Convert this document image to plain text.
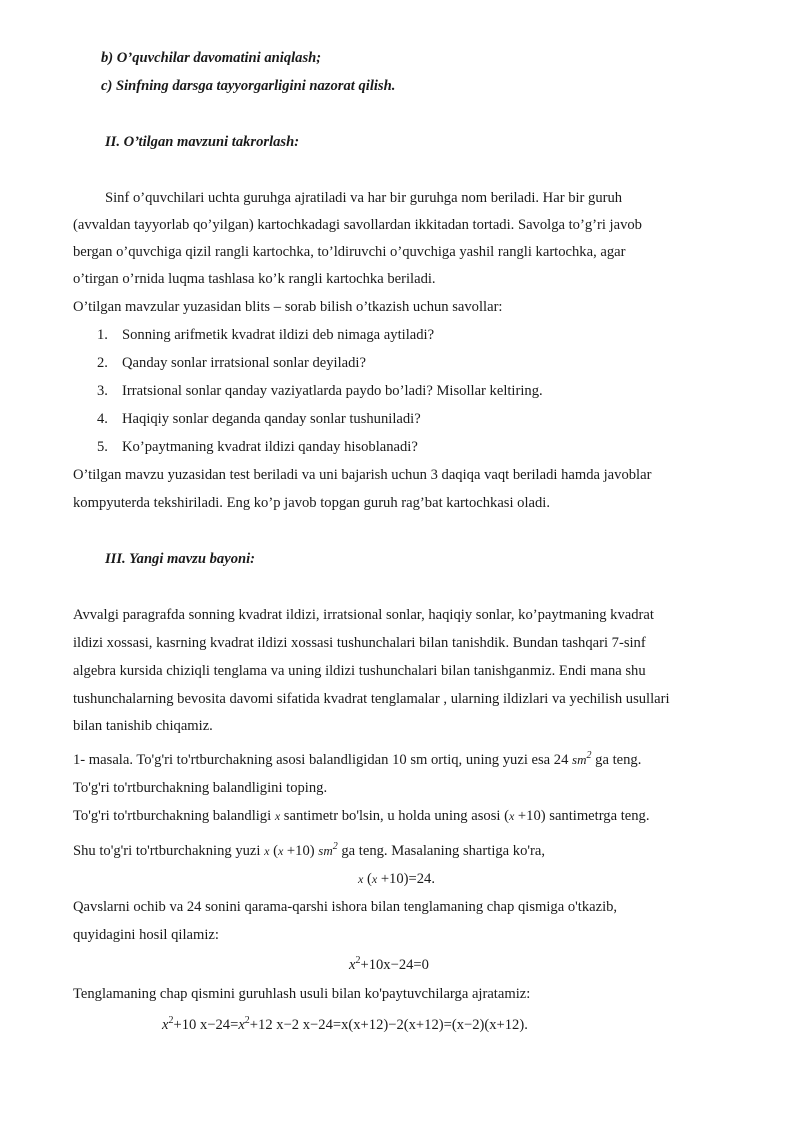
b) O’quvchilar davomatini aniqlash;
c) Sinfning darsga tayyorgarligini nazorat qilish.
II. O’tilgan mavzuni takrorlash:
Sinf o’quvchilari uchta guruhga ajratiladi va har bir guruhga nom beriladi. Har bir guruh
(avvaldan tayyorlab qo’yilgan) kartochkadagi savollardan ikkitadan tortadi. Savolga to’g’ri javob
bergan o’quvchiga qizil rangli kartochka, to’ldiruvchi o’quvchiga yashil rangli kartochka, agar
o’tirgan o’rnida luqma tashlasa ko’k rangli kartochka beriladi.
O’tilgan mavzular yuzasidan blits – sorab bilish o’tkazish uchun savollar:
1. Sonning arifmetik kvadrat ildizi deb nimaga aytiladi?
2. Qanday sonlar irratsional sonlar deyiladi?
3. Irratsional sonlar qanday vaziyatlarda paydo bo’ladi? Misollar keltiring.
4. Haqiqiy sonlar deganda qanday sonlar tushuniladi?
5. Ko’paytmaning kvadrat ildizi qanday hisoblanadi?
O’tilgan mavzu yuzasidan test beriladi va uni bajarish uchun 3 daqiqa vaqt beriladi hamda javoblar
kompyuterda tekshiriladi. Eng ko’p javob topgan guruh rag’bat kartochkasi oladi.
III. Yangi mavzu bayoni:
Avvalgi paragrafda sonning kvadrat ildizi, irratsional sonlar, haqiqiy sonlar, ko’paytmaning kvadrat
ildizi xossasi, kasrning kvadrat ildizi xossasi tushunchalari bilan tanishdik. Bundan tashqari 7-sinf
algebra kursida chiziqli tenglama va uning ildizi tushunchalari bilan tanishganmiz. Endi mana shu
tushunchalarning bevosita davomi sifatida kvadrat tenglamalar , ularning ildizlari va yechilish usullari
bilan tanishib chiqamiz.
1- masala. To'g'ri to'rtburchakning asosi balandligidan 10 sm ortiq, uning yuzi esa 24 $sm^2$ ga teng.
To'g'ri to'rtburchakning balandligini toping.
To'g'ri to'rtburchakning balandligi x santimetr bo'lsin, u holda uning asosi (x +10) santimetrga teng.
Shu to'g'ri to'rtburchakning yuzi x (x +10) $sm^2$ ga teng. Masalaning shartiga ko'ra,
x (x +10)=24.
Qavslarni ochib va 24 sonini qarama-qarshi ishora bilan tenglamaning chap qismiga o'tkazib,
quyidagini hosil qilamiz:
$x^2+10x-24=0$
Tenglamaning chap qismini guruhlash usuli bilan ko'paytuvchilarga ajratamiz:
$x^2+10$ $x-24=x^2+12$ x−2 x−24=x(x+12)−2(x+12)=(x−2)(x+12).
